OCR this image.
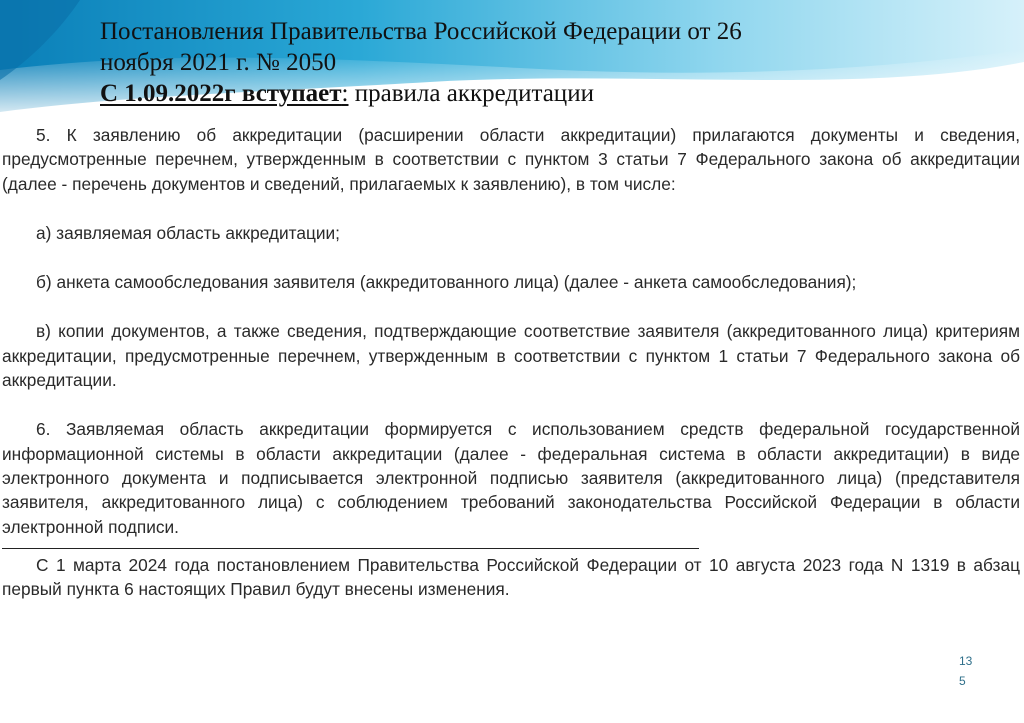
Постановления Правительства Российской Федерации от 26
ноября 2021 г. № 2050
С 1.09.2022г вступает: правила аккредитации

5. К заявлению об аккредитации (расширении области аккредитации) прилагаются документы и сведения, предусмотренные перечнем, утвержденным в соответствии с пунктом 3 статьи 7 Федерального закона об аккредитации (далее - перечень документов и сведений, прилагаемых к заявлению), в том числе:

а) заявляемая область аккредитации;

б) анкета самообследования заявителя (аккредитованного лица) (далее - анкета самообследования);

в) копии документов, а также сведения, подтверждающие соответствие заявителя (аккредитованного лица) критериям аккредитации, предусмотренные перечнем, утвержденным в соответствии с пунктом 1 статьи 7 Федерального закона об аккредитации.

6. Заявляемая область аккредитации формируется с использованием средств федеральной государственной информационной системы в области аккредитации (далее - федеральная система в области аккредитации) в виде электронного документа и подписывается электронной подписью заявителя (аккредитованного лица) (представителя заявителя, аккредитованного лица) с соблюдением требований законодательства Российской Федерации в области электронной подписи.

С 1 марта 2024 года постановлением Правительства Российской Федерации от 10 августа 2023 года N 1319 в абзац первый пункта 6 настоящих Правил будут внесены изменения.

13
5
